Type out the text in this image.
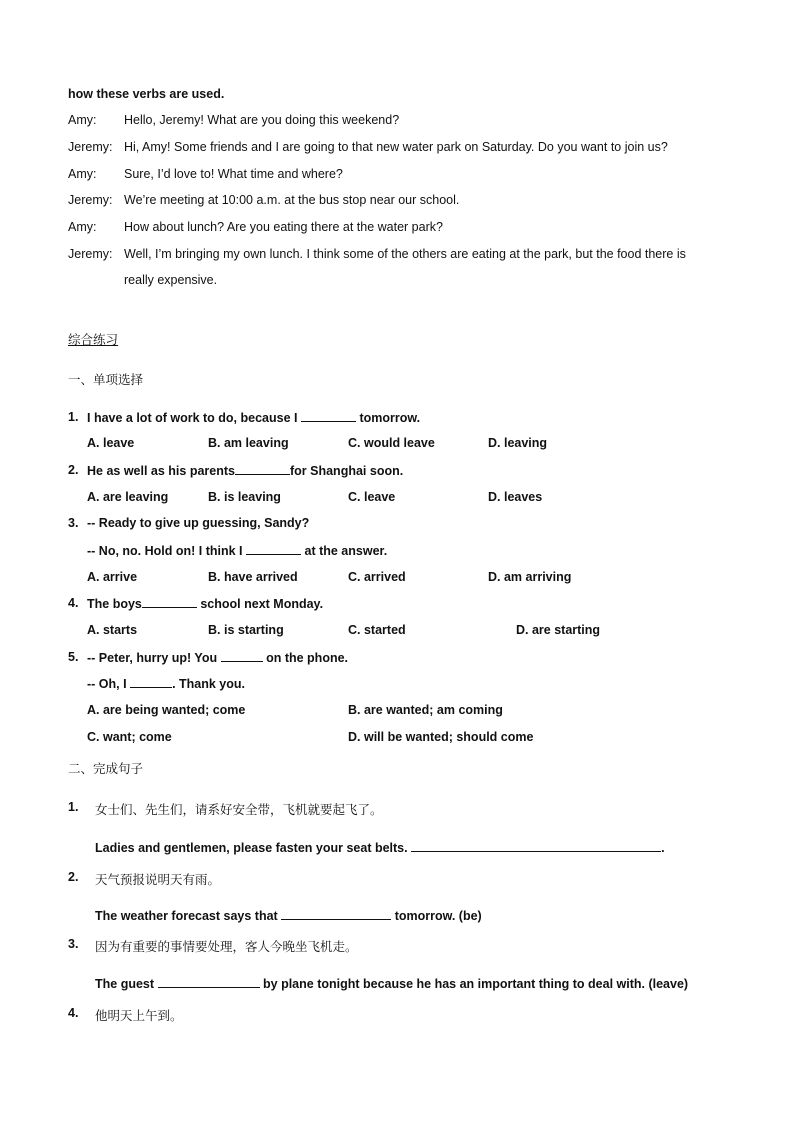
how these verbs are used.
Amy: Hello, Jeremy! What are you doing this weekend?
Jeremy: Hi, Amy! Some friends and I are going to that new water park on Saturday. Do you want to join us?
Amy: Sure, I’d love to! What time and where?
Jeremy: We’re meeting at 10:00 a.m. at the bus stop near our school.
Amy: How about lunch? Are you eating there at the water park?
Jeremy: Well, I’m bringing my own lunch. I think some of the others are eating at the park, but the food there is
really expensive.
综合练习
一、单项选择
1. I have a lot of work to do, because I	tomorrow.
A. leave	B. am leaving	C. would leave	D. leaving
2. He as well as his parents	for Shanghai soon.
A. are leaving	B. is leaving	C. leave	D. leaves
3. -- Ready to give up guessing, Sandy?
-- No, no. Hold on! I think I	at the answer.
A. arrive	B. have arrived	C. arrived	D. am arriving
4. The boys	school next Monday.
A. starts	B. is starting	C. started	D. are starting
5. -- Peter, hurry up! You	on the phone.
-- Oh, I	. Thank you.
A. are being wanted; come	B. are wanted; am coming
C. want; come	D. will be wanted; should come
二、完成句子
1. 女士们、先生们，请系好安全带，飞机就要起飞了。
Ladies and gentlemen, please fasten your seat belts.	.
2. 天气预报说明天有雨。
The weather forecast says that	tomorrow. (be)
3. 因为有重要的事情要处理，客人今晚坐飞机走。
The guest	by plane tonight because he has an important thing to deal with. (leave)
4. 他明天上午到。
